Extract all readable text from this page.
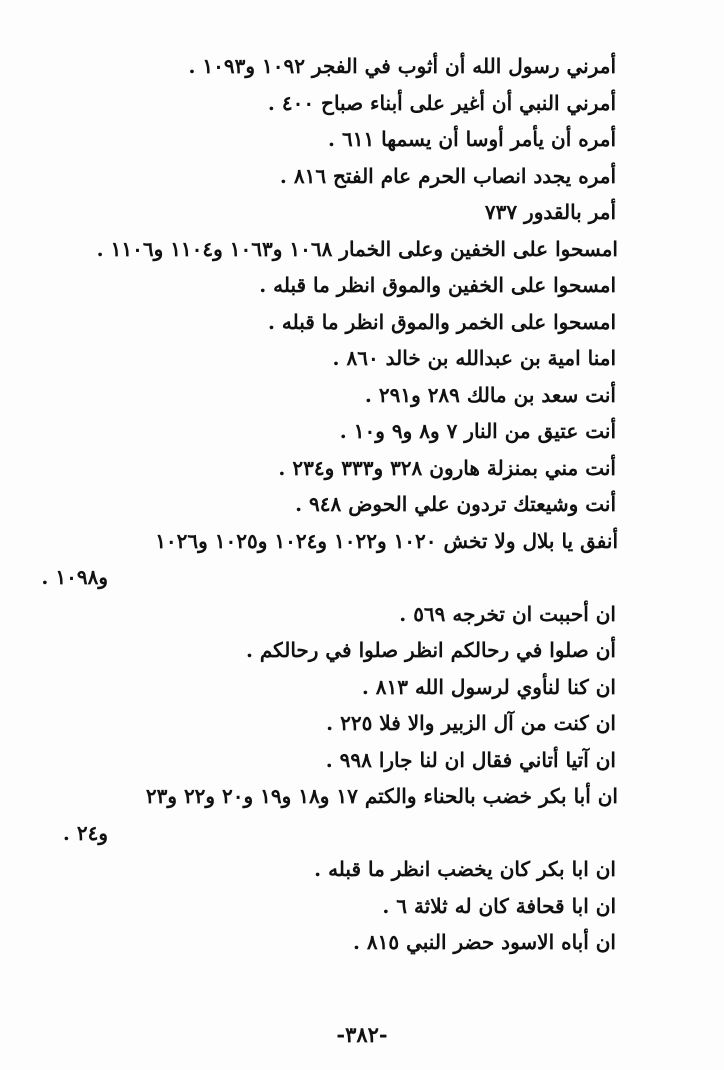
أمرني رسول الله أن أثوب في الفجر ١٠٩٢ و١٠٩٣ .
أمرني النبي أن أغير على أبناء صباح ٤٠٠ .
أمره أن يأمر أوسا أن يسمها ٦١١ .
أمره يجدد انصاب الحرم عام الفتح ٨١٦ .
أمر بالقدور ٧٣٧
امسحوا على الخفين وعلى الخمار ١٠٦٨ و١٠٦٣ و١١٠٤ و١١٠٦ .
امسحوا على الخفين والموق انظر ما قبله .
امسحوا على الخمر والموق انظر ما قبله .
امنا امية بن عبدالله بن خالد ٨٦٠ .
أنت سعد بن مالك ٢٨٩ و٢٩١ .
أنت عتيق من النار ٧ و٨ و٩ و١٠ .
أنت مني بمنزلة هارون ٣٢٨ و٣٣٣ و٢٣٤ .
أنت وشيعتك تردون علي الحوض ٩٤٨ .
أنفق يا بلال ولا تخش ١٠٢٠ و١٠٢٢ و١٠٢٤ و١٠٢٥ و١٠٢٦
و١٠٩٨ .
ان أحببت ان تخرجه ٥٦٩ .
أن صلوا في رحالكم انظر صلوا في رحالكم .
ان كنا لنأوي لرسول الله ٨١٣ .
ان كنت من آل الزبير والا فلا ٢٢٥ .
ان آتيا أتاني فقال ان لنا جارا ٩٩٨ .
ان أبا بكر خضب بالحناء والكتم ١٧ و١٨ و١٩ و٢٠ و٢٢ و٢٣
و٢٤ .
ان ابا بكر كان يخضب انظر ما قبله .
ان ابا قحافة كان له ثلاثة ٦ .
ان أباه الاسود حضر النبي ٨١٥ .
-٣٨٢-
